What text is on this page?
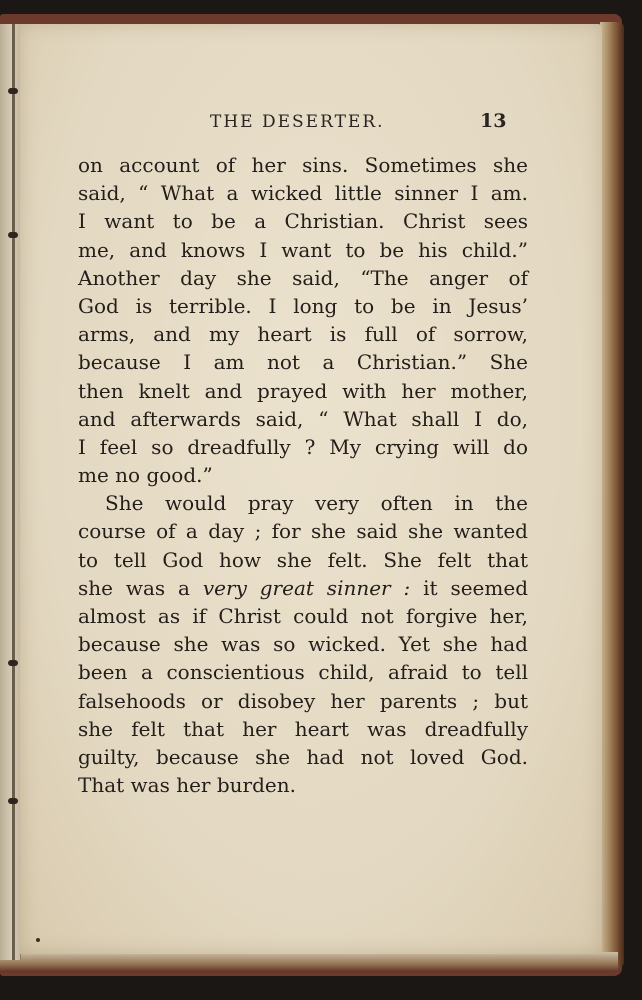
THE DESERTER.	13
on account of her sins. Sometimes she
said, “ What a wicked little sinner I am.
I want to be a Christian. Christ sees
me, and knows I want to be his child.”
Another day she said, “The anger of
God is terrible. I long to be in Jesus’
arms, and my heart is full of sorrow,
because I am not a Christian.” She
then knelt and prayed with her mother,
and afterwards said, “ What shall I do,
I feel so dreadfully ? My crying will do
me no good.”
She would pray very often in the
course of a day ; for she said she wanted
to tell God how she felt. She felt that
she was a very great sinner : it seemed
almost as if Christ could not forgive her,
because she was so wicked. Yet she had
been a conscientious child, afraid to tell
falsehoods or disobey her parents ; but
she felt that her heart was dreadfully
guilty, because she had not loved God.
That was her burden.
